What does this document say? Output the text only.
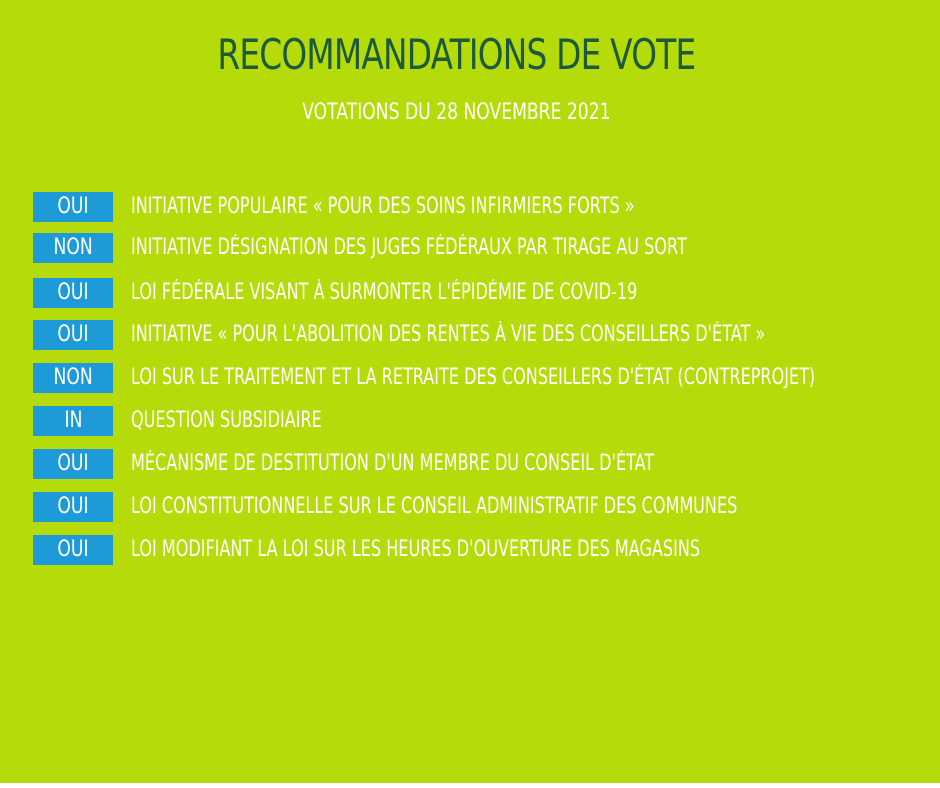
RECOMMANDATIONS DE VOTE
VOTATIONS DU 28 NOVEMBRE 2021
OUI	INITIATIVE POPULAIRE « POUR DES SOINS INFIRMIERS FORTS »
NON	INITIATIVE DÉSIGNATION DES JUGES FÉDÉRAUX PAR TIRAGE AU SORT
OUI	LOI FÉDÉRALE VISANT À SURMONTER L'ÉPIDÉMIE DE COVID-19
OUI	INITIATIVE « POUR L'ABOLITION DES RENTES À VIE DES CONSEILLERS D'ÉTAT »
NON	LOI SUR LE TRAITEMENT ET LA RETRAITE DES CONSEILLERS D'ÉTAT (CONTREPROJET)
IN	QUESTION SUBSIDIAIRE
OUI	MÉCANISME DE DESTITUTION D'UN MEMBRE DU CONSEIL D'ÉTAT
OUI	LOI CONSTITUTIONNELLE SUR LE CONSEIL ADMINISTRATIF DES COMMUNES
OUI	LOI MODIFIANT LA LOI SUR LES HEURES D'OUVERTURE DES MAGASINS
